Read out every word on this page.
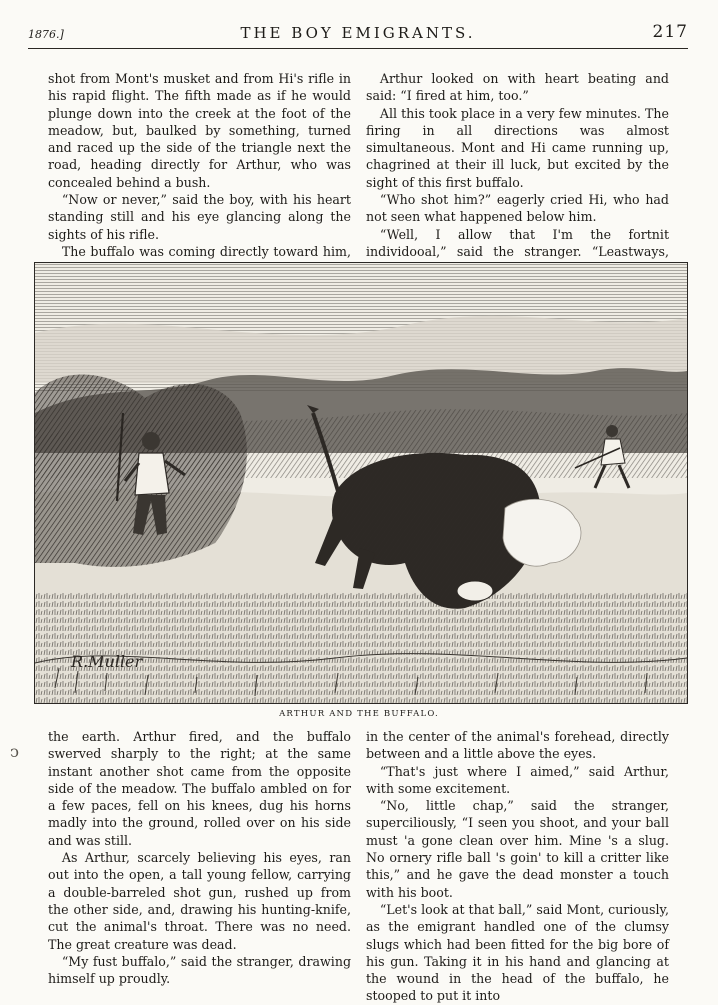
1876.]	THE BOY EMIGRANTS.	217

shot from Mont's musket and from Hi's rifle in his rapid flight. The fifth made as if he would plunge down into the creek at the foot of the meadow, but, baulked by something, turned and raced up the side of the triangle next the road, heading directly for Arthur, who was concealed behind a bush.

“Now or never,” said the boy, with his heart standing still and his eye glancing along the sights of his rifle.

The buffalo was coming directly toward him,

Arthur looked on with heart beating and said: “I fired at him, too.”

All this took place in a very few minutes. The firing in all directions was almost simultaneous. Mont and Hi came running up, chagrined at their ill luck, but excited by the sight of this first buffalo.

“Who shot him?” eagerly cried Hi, who had not seen what happened below him.

“Well, I allow that I'm the fortnit individooal,” said the stranger. “Leastways,

R.Muller
ARTHUR AND THE BUFFALO.
ↄ

the earth. Arthur fired, and the buffalo swerved sharply to the right; at the same instant another shot came from the opposite side of the meadow. The buffalo ambled on for a few paces, fell on his knees, dug his horns madly into the ground, rolled over on his side and was still.

As Arthur, scarcely believing his eyes, ran out into the open, a tall young fellow, carrying a double-barreled shot gun, rushed up from the other side, and, drawing his hunting-knife, cut the animal's throat. There was no need. The great creature was dead.

“My fust buffalo,” said the stranger, drawing himself up proudly.

in the center of the animal's forehead, directly between and a little above the eyes.

“That's just where I aimed,” said Arthur, with some excitement.

“No, little chap,” said the stranger, superciliously, “I seen you shoot, and your ball must 'a gone clean over him. Mine 's a slug. No ornery rifle ball 's goin' to kill a critter like this,” and he gave the dead monster a touch with his boot.

“Let's look at that ball,” said Mont, curiously, as the emigrant handled one of the clumsy slugs which had been fitted for the big bore of his gun. Taking it in his hand and glancing at the wound in the head of the buffalo, he stooped to put it into
